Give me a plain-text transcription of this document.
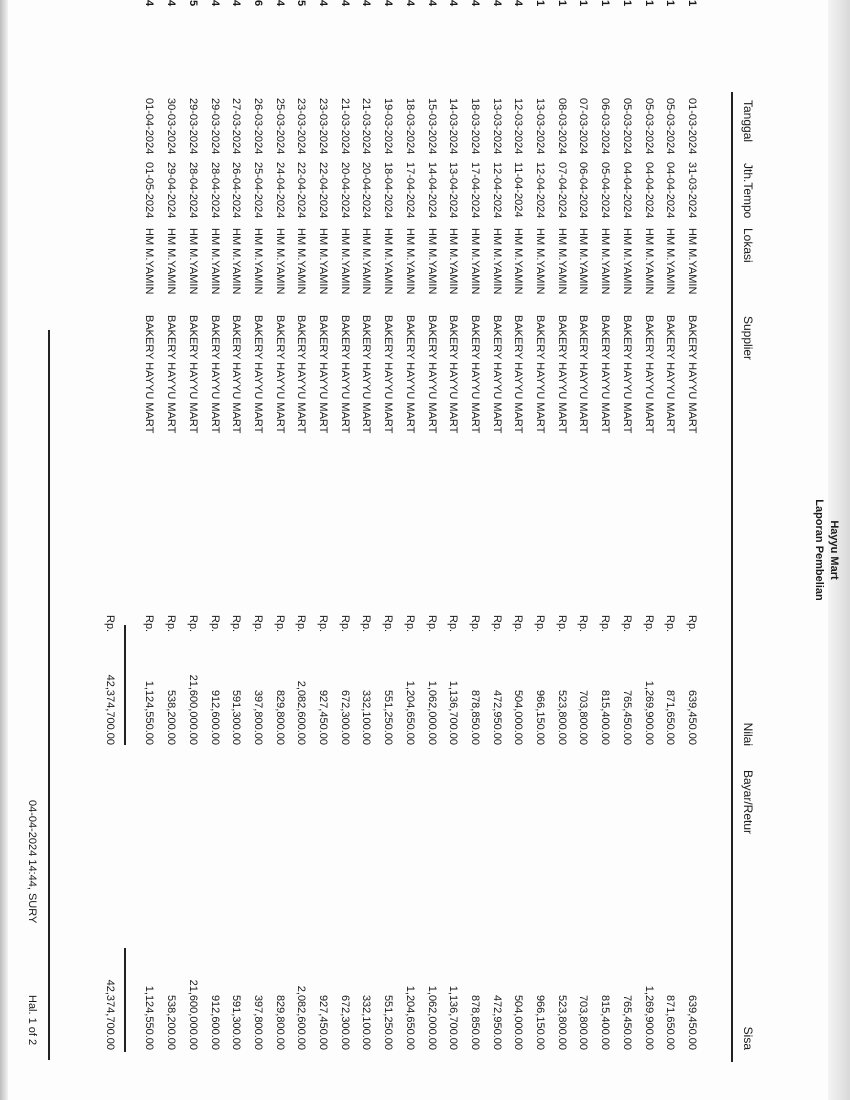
Hayyu Mart
Laporan Pembelian
Tanggal
Jth.Tempo
Lokasi
Supplier
Nilai
Bayar/Retur
Sisa
1
01-03-2024
31-03-2024
HM M.YAMIN
BAKERY HAYYU MART
Rp.
639,450.00
639,450.00
1
05-03-2024
04-04-2024
HM M.YAMIN
BAKERY HAYYU MART
Rp.
871,650.00
871,650.00
1
05-03-2024
04-04-2024
HM M.YAMIN
BAKERY HAYYU MART
Rp.
1,269,900.00
1,269,900.00
1
05-03-2024
04-04-2024
HM M.YAMIN
BAKERY HAYYU MART
Rp.
765,450.00
765,450.00
1
06-03-2024
05-04-2024
HM M.YAMIN
BAKERY HAYYU MART
Rp.
815,400.00
815,400.00
1
07-03-2024
06-04-2024
HM M.YAMIN
BAKERY HAYYU MART
Rp.
703,800.00
703,800.00
1
08-03-2024
07-04-2024
HM M.YAMIN
BAKERY HAYYU MART
Rp.
523,800.00
523,800.00
1
13-03-2024
12-04-2024
HM M.YAMIN
BAKERY HAYYU MART
Rp.
966,150.00
966,150.00
4
12-03-2024
11-04-2024
HM M.YAMIN
BAKERY HAYYU MART
Rp.
504,000.00
504,000.00
4
13-03-2024
12-04-2024
HM M.YAMIN
BAKERY HAYYU MART
Rp.
472,950.00
472,950.00
4
18-03-2024
17-04-2024
HM M.YAMIN
BAKERY HAYYU MART
Rp.
878,850.00
878,850.00
4
14-03-2024
13-04-2024
HM M.YAMIN
BAKERY HAYYU MART
Rp.
1,136,700.00
1,136,700.00
4
15-03-2024
14-04-2024
HM M.YAMIN
BAKERY HAYYU MART
Rp.
1,062,000.00
1,062,000.00
4
18-03-2024
17-04-2024
HM M.YAMIN
BAKERY HAYYU MART
Rp.
1,204,650.00
1,204,650.00
4
19-03-2024
18-04-2024
HM M.YAMIN
BAKERY HAYYU MART
Rp.
551,250.00
551,250.00
4
21-03-2024
20-04-2024
HM M.YAMIN
BAKERY HAYYU MART
Rp.
332,100.00
332,100.00
4
21-03-2024
20-04-2024
HM M.YAMIN
BAKERY HAYYU MART
Rp.
672,300.00
672,300.00
4
23-03-2024
22-04-2024
HM M.YAMIN
BAKERY HAYYU MART
Rp.
927,450.00
927,450.00
5
23-03-2024
22-04-2024
HM M.YAMIN
BAKERY HAYYU MART
Rp.
2,082,600.00
2,082,600.00
4
25-03-2024
24-04-2024
HM M.YAMIN
BAKERY HAYYU MART
Rp.
829,800.00
829,800.00
6
26-03-2024
25-04-2024
HM M.YAMIN
BAKERY HAYYU MART
Rp.
397,800.00
397,800.00
4
27-03-2024
26-04-2024
HM M.YAMIN
BAKERY HAYYU MART
Rp.
591,300.00
591,300.00
4
29-03-2024
28-04-2024
HM M.YAMIN
BAKERY HAYYU MART
Rp.
912,600.00
912,600.00
5
29-03-2024
28-04-2024
HM M.YAMIN
BAKERY HAYYU MART
Rp.
21,600,000.00
21,600,000.00
4
30-03-2024
29-04-2024
HM M.YAMIN
BAKERY HAYYU MART
Rp.
538,200.00
538,200.00
4
01-04-2024
01-05-2024
HM M.YAMIN
BAKERY HAYYU MART
Rp.
1,124,550.00
1,124,550.00
Rp.
42,374,700.00
42,374,700.00
04-04-2024 14:44, SURY
Hal. 1 of 2
